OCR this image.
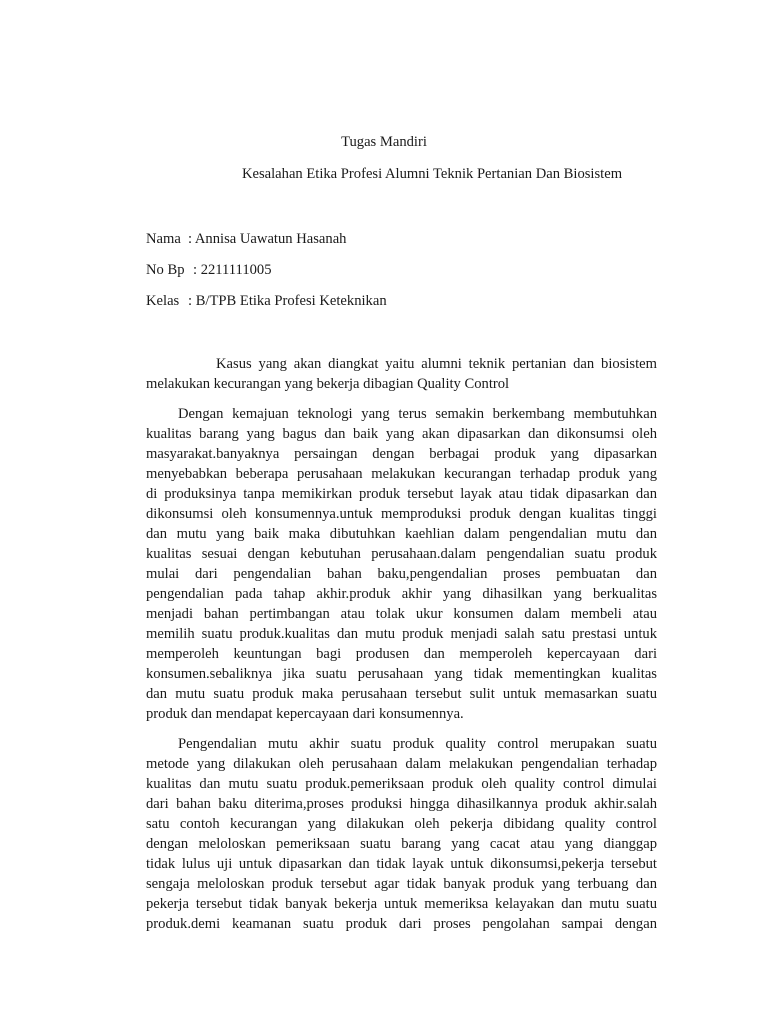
Tugas Mandiri
Kesalahan Etika Profesi Alumni Teknik Pertanian Dan Biosistem
Nama : Annisa Uawatun Hasanah
No Bp : 2211111005
Kelas : B/TPB Etika Profesi Keteknikan
Kasus yang akan diangkat yaitu alumni teknik pertanian dan biosistem
melakukan kecurangan yang bekerja dibagian Quality Control
Dengan kemajuan teknologi yang terus semakin berkembang membutuhkan
kualitas barang yang bagus dan baik yang akan dipasarkan dan dikonsumsi oleh
masyarakat.banyaknya persaingan dengan berbagai produk yang dipasarkan
menyebabkan beberapa perusahaan melakukan kecurangan terhadap produk yang
di produksinya tanpa memikirkan produk tersebut layak atau tidak dipasarkan dan
dikonsumsi oleh konsumennya.untuk memproduksi produk dengan kualitas tinggi
dan mutu yang baik maka dibutuhkan kaehlian dalam pengendalian mutu dan
kualitas sesuai dengan kebutuhan perusahaan.dalam pengendalian suatu produk
mulai dari pengendalian bahan baku,pengendalian proses pembuatan dan
pengendalian pada tahap akhir.produk akhir yang dihasilkan yang berkualitas
menjadi bahan pertimbangan atau tolak ukur konsumen dalam membeli atau
memilih suatu produk.kualitas dan mutu produk menjadi salah satu prestasi untuk
memperoleh keuntungan bagi produsen dan memperoleh kepercayaan dari
konsumen.sebaliknya jika suatu perusahaan yang tidak mementingkan kualitas
dan mutu suatu produk maka perusahaan tersebut sulit untuk memasarkan suatu
produk dan mendapat kepercayaan dari konsumennya.
Pengendalian mutu akhir suatu produk quality control merupakan suatu
metode yang dilakukan oleh perusahaan dalam melakukan pengendalian terhadap
kualitas dan mutu suatu produk.pemeriksaan produk oleh quality control dimulai
dari bahan baku diterima,proses produksi hingga dihasilkannya produk akhir.salah
satu contoh kecurangan yang dilakukan oleh pekerja dibidang quality control
dengan meloloskan pemeriksaan suatu barang yang cacat atau yang dianggap
tidak lulus uji untuk dipasarkan dan tidak layak untuk dikonsumsi,pekerja tersebut
sengaja meloloskan produk tersebut agar tidak banyak produk yang terbuang dan
pekerja tersebut tidak banyak bekerja untuk memeriksa kelayakan dan mutu suatu
produk.demi keamanan suatu produk dari proses pengolahan sampai dengan
